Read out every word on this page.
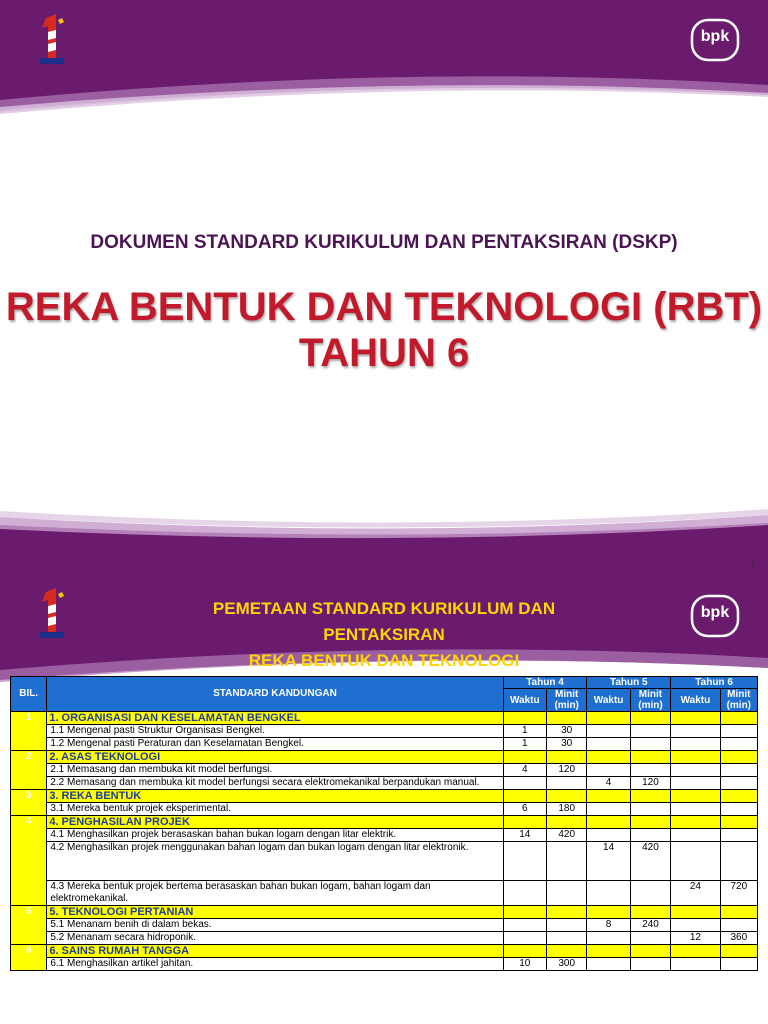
bpk
DOKUMEN STANDARD KURIKULUM DAN PENTAKSIRAN (DSKP)
REKA BENTUK DAN TEKNOLOGI (RBT)
TAHUN 6
1
bpk
PEMETAAN STANDARD KURIKULUM DAN
PENTAKSIRAN
REKA BENTUK DAN TEKNOLOGI
BIL.	STANDARD KANDUNGAN	Tahun 4		Tahun 5		Tahun 6	
		Waktu	Minit (min)	Waktu	Minit (min)	Waktu	Minit (min)
1	1. ORGANISASI DAN KESELAMATAN BENGKEL						
	1.1 Mengenal pasti Struktur Organisasi Bengkel.	1	30				
	1.2 Mengenal pasti Peraturan dan Keselamatan Bengkel.	1	30				
2	2. ASAS TEKNOLOGI						
	2.1 Memasang dan membuka kit model berfungsi.	4	120				
	2.2 Memasang dan membuka kit model berfungsi secara elektromekanikal berpandukan manual.			4	120		
3	3. REKA BENTUK						
	3.1 Mereka bentuk projek eksperimental.	6	180				
4	4. PENGHASILAN PROJEK						
	4.1 Menghasilkan projek berasaskan bahan bukan logam dengan litar elektrik.	14	420				
	4.2 Menghasilkan projek menggunakan bahan logam dan bukan logam dengan litar elektronik.			14	420		
	4.3 Mereka bentuk projek bertema berasaskan bahan bukan logam, bahan logam dan elektromekanikal.					24	720
5	5. TEKNOLOGI PERTANIAN						
	5.1 Menanam benih di dalam bekas.			8	240		
	5.2 Menanam secara hidroponik.					12	360
6	6. SAINS RUMAH TANGGA						
	6.1 Menghasilkan artikel jahitan.	10	300				
